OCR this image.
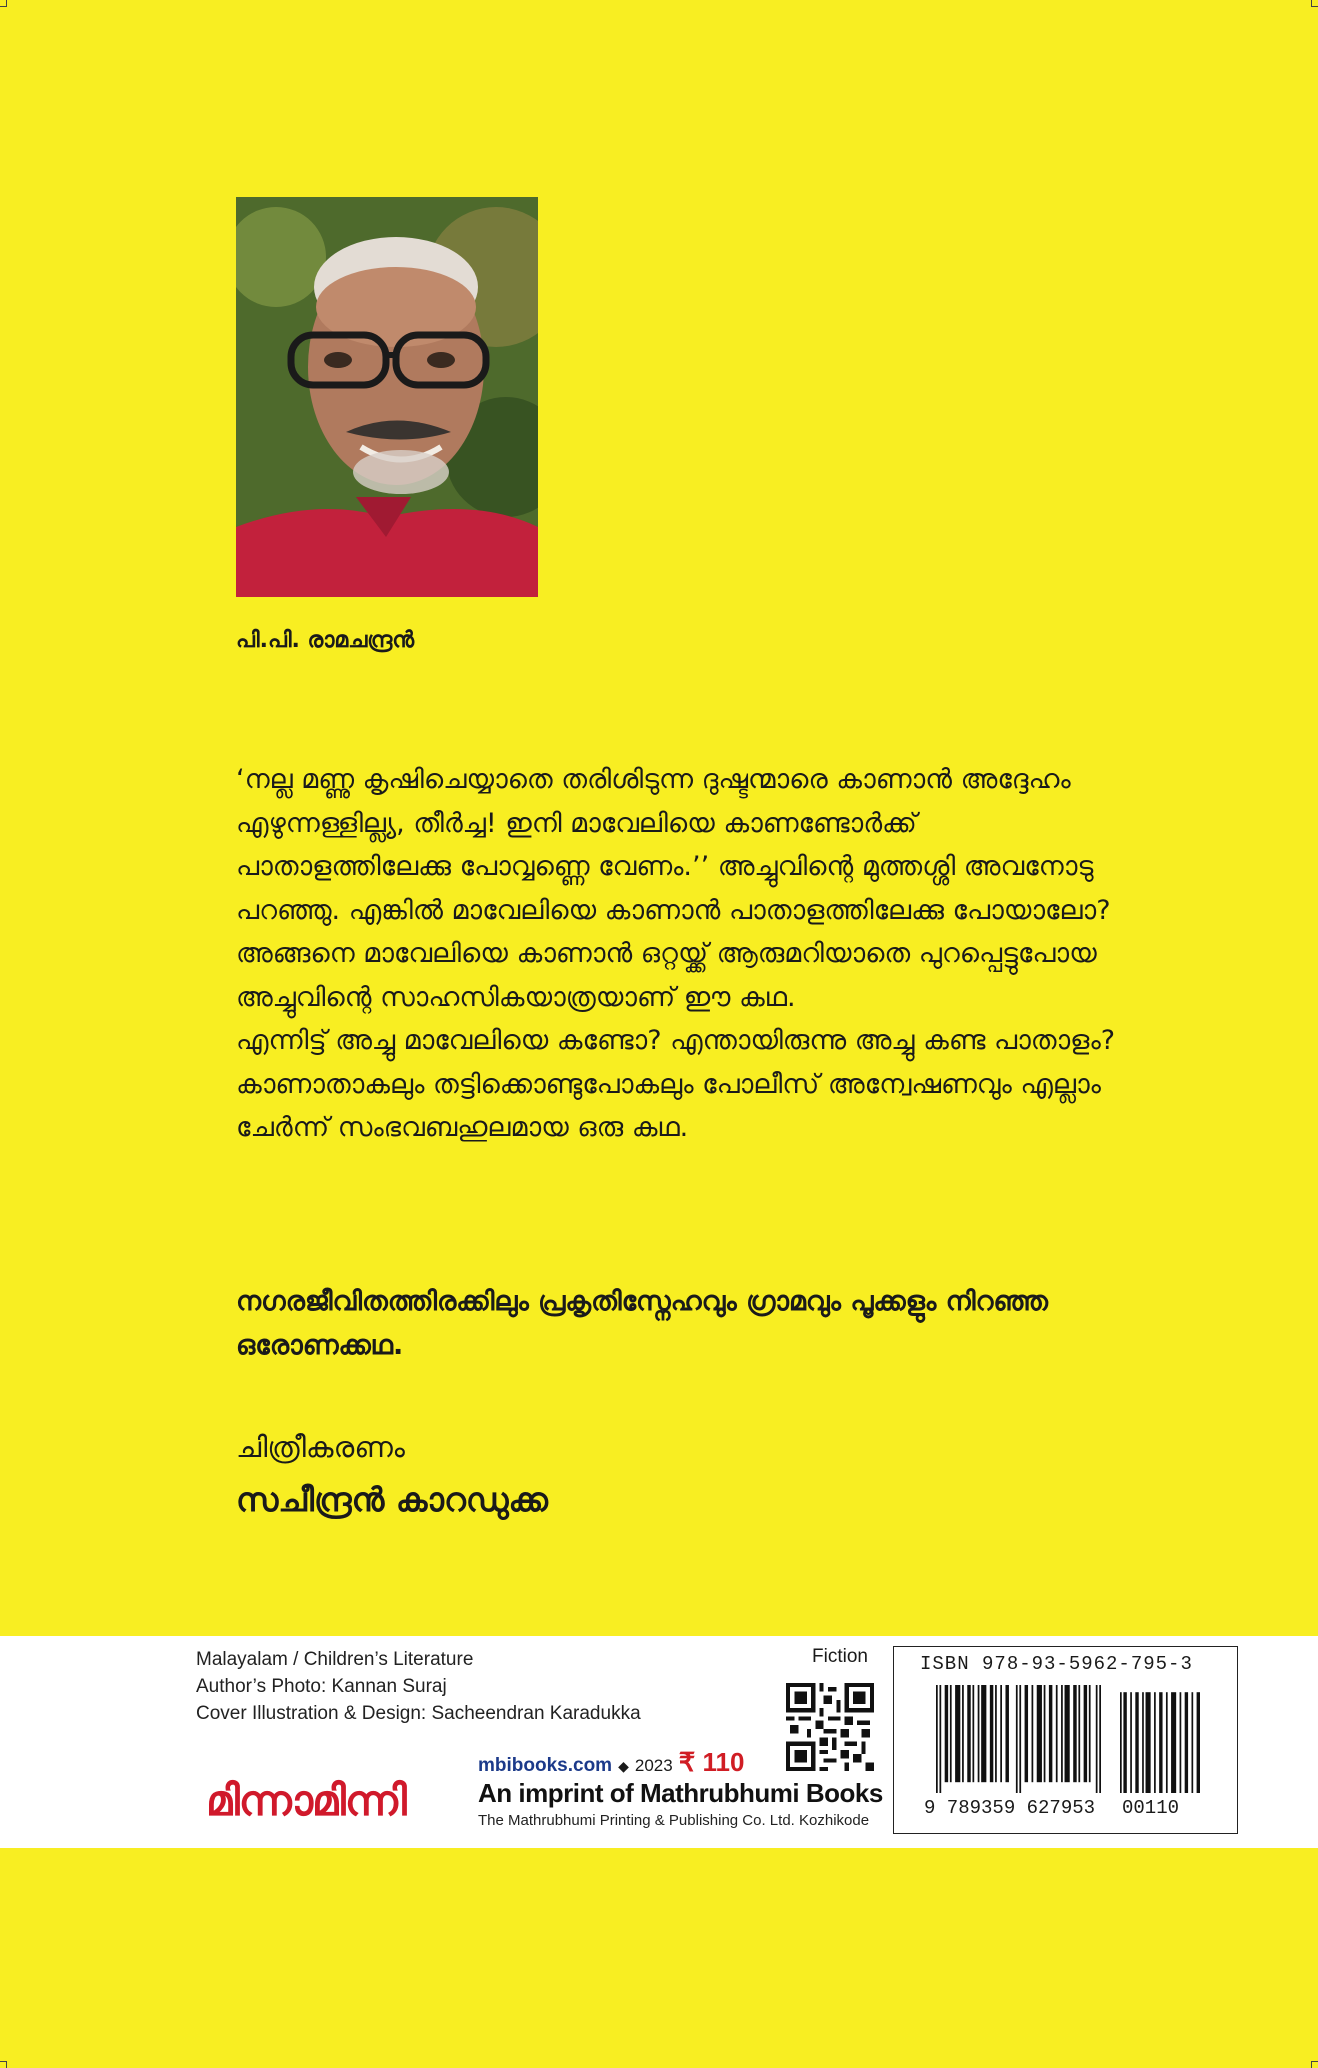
പി.പി. രാമചന്ദ്രൻ

‘നല്ല മണ്ണു കൃഷിചെയ്യാതെ തരിശിടുന്ന ദുഷ്ടന്മാരെ കാണാൻ അദ്ദേഹം എഴുന്നള്ളില്ല്യ, തീർച്ച! ഇനി മാവേലിയെ കാണണ്ടോർക്ക് പാതാളത്തിലേക്കു പോവ്വണ്ണെ വേണം.’’ അച്ചുവിന്റെ മുത്തശ്ശി അവനോടു പറഞ്ഞു. എങ്കിൽ മാവേലിയെ കാണാൻ പാതാളത്തിലേക്കു പോയാലോ? അങ്ങനെ മാവേലിയെ കാണാൻ ഒറ്റയ്ക്ക് ആരുമറിയാതെ പുറപ്പെട്ടുപോയ അച്ചുവിന്റെ സാഹസികയാത്രയാണ് ഈ കഥ.

എന്നിട്ട് അച്ചു മാവേലിയെ കണ്ടോ? എന്തായിരുന്നു അച്ചു കണ്ട പാതാളം? കാണാതാകലും തട്ടിക്കൊണ്ടുപോകലും പോലീസ് അന്വേഷണവും എല്ലാം ചേർന്ന് സംഭവബഹുലമായ ഒരു കഥ.

നഗരജീവിതത്തിരക്കിലും പ്രകൃതിസ്നേഹവും ഗ്രാമവും പൂക്കളും നിറഞ്ഞ ഒരോണക്കഥ.
ചിത്രീകരണം
സചീന്ദ്രൻ കാറഡുക്ക
Malayalam / Children’s Literature
Author’s Photo: Kannan Suraj
Cover Illustration & Design: Sacheendran Karadukka
Fiction
mbibooks.com ◆ 2023 ₹ 110
മിന്നാമിന്നി	An imprint of Mathrubhumi Books
The Mathrubhumi Printing & Publishing Co. Ltd. Kozhikode
ISBN 978-93-5962-795-3
9 789359 627953 00110
